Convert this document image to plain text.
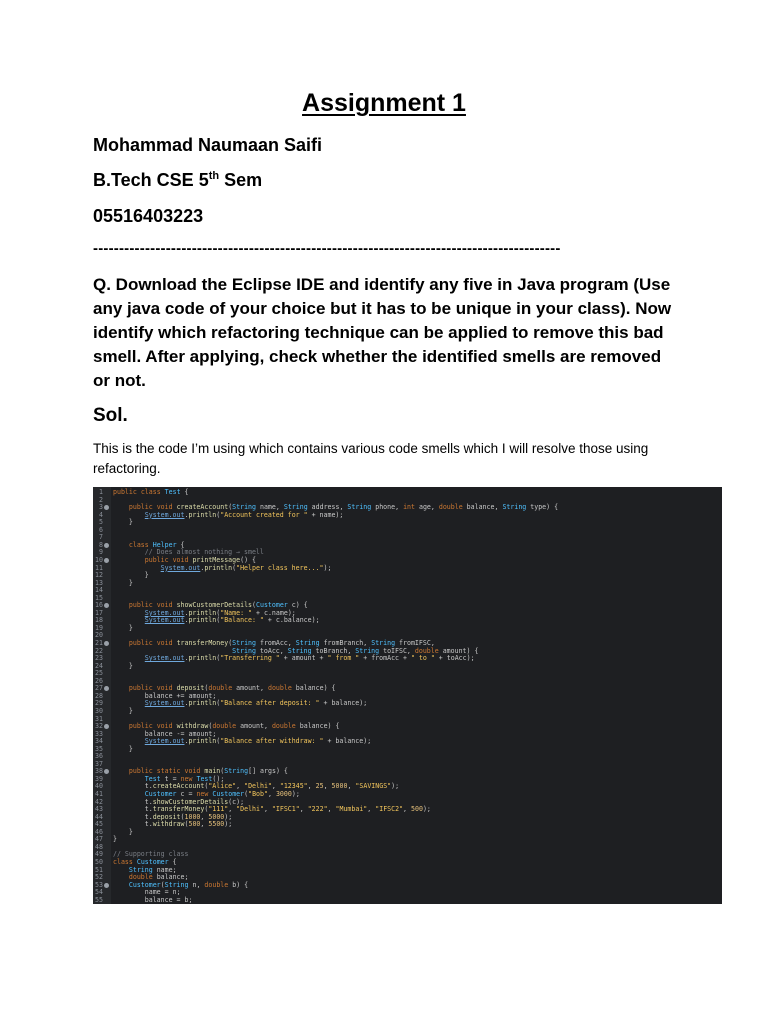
Assignment 1
Mohammad Naumaan Saifi
B.Tech CSE 5th Sem
05516403223
------------------------------------------------------------------------------------------
Q. Download the Eclipse IDE and identify any five in Java program (Use any java code of your choice but it has to be unique in your class). Now identify which refactoring technique can be applied to remove this bad smell. After applying, check whether the identified smells are removed or not.
Sol.
This is the code I’m using which contains various code smells which I will resolve those using refactoring.
1 public class Test {
2
3	public void createAccount(String name, String address, String phone, int age, double balance, String type) {
4	System.out.println("Account created for " + name);
5	}
6
7
8	class Helper {
9 // Does almost nothing → smell
10	public void printMessage() {
11	System.out.println("Helper class here...");
12	}
13	}
14
15
16	public void showCustomerDetails(Customer c) {
17	System.out.println("Name: " + c.name);
18	System.out.println("Balance: " + c.balance);
19	}
20
21	public void transferMoney(String fromAcc, String fromBranch, String fromIFSC,
22	String toAcc, String toBranch, String toIFSC, double amount) {
23	System.out.println("Transferring " + amount + " from " + fromAcc + " to " + toAcc);
24	}
25
26
27	public void deposit(double amount, double balance) {
28	balance += amount;
29	System.out.println("Balance after deposit: " + balance);
30	}
31
32	public void withdraw(double amount, double balance) {
33	balance -= amount;
34	System.out.println("Balance after withdraw: " + balance);
35	}
36
37
38	public static void main(String[] args) {
39	Test t = new Test();
40	t.createAccount("Alice", "Delhi", "12345", 25, 5000, "SAVINGS");
41	Customer c = new Customer("Bob", 3000);
42	t.showCustomerDetails(c);
43	t.transferMoney("111", "Delhi", "IFSC1", "222", "Mumbai", "IFSC2", 500);
44	t.deposit(1000, 5000);
45	t.withdraw(500, 5500);
46	}
47 }
48
49 // Supporting class
50 class Customer {
51	String name;
52	double balance;
53	Customer(String n, double b) {
54	name = n;
55	balance = b;
